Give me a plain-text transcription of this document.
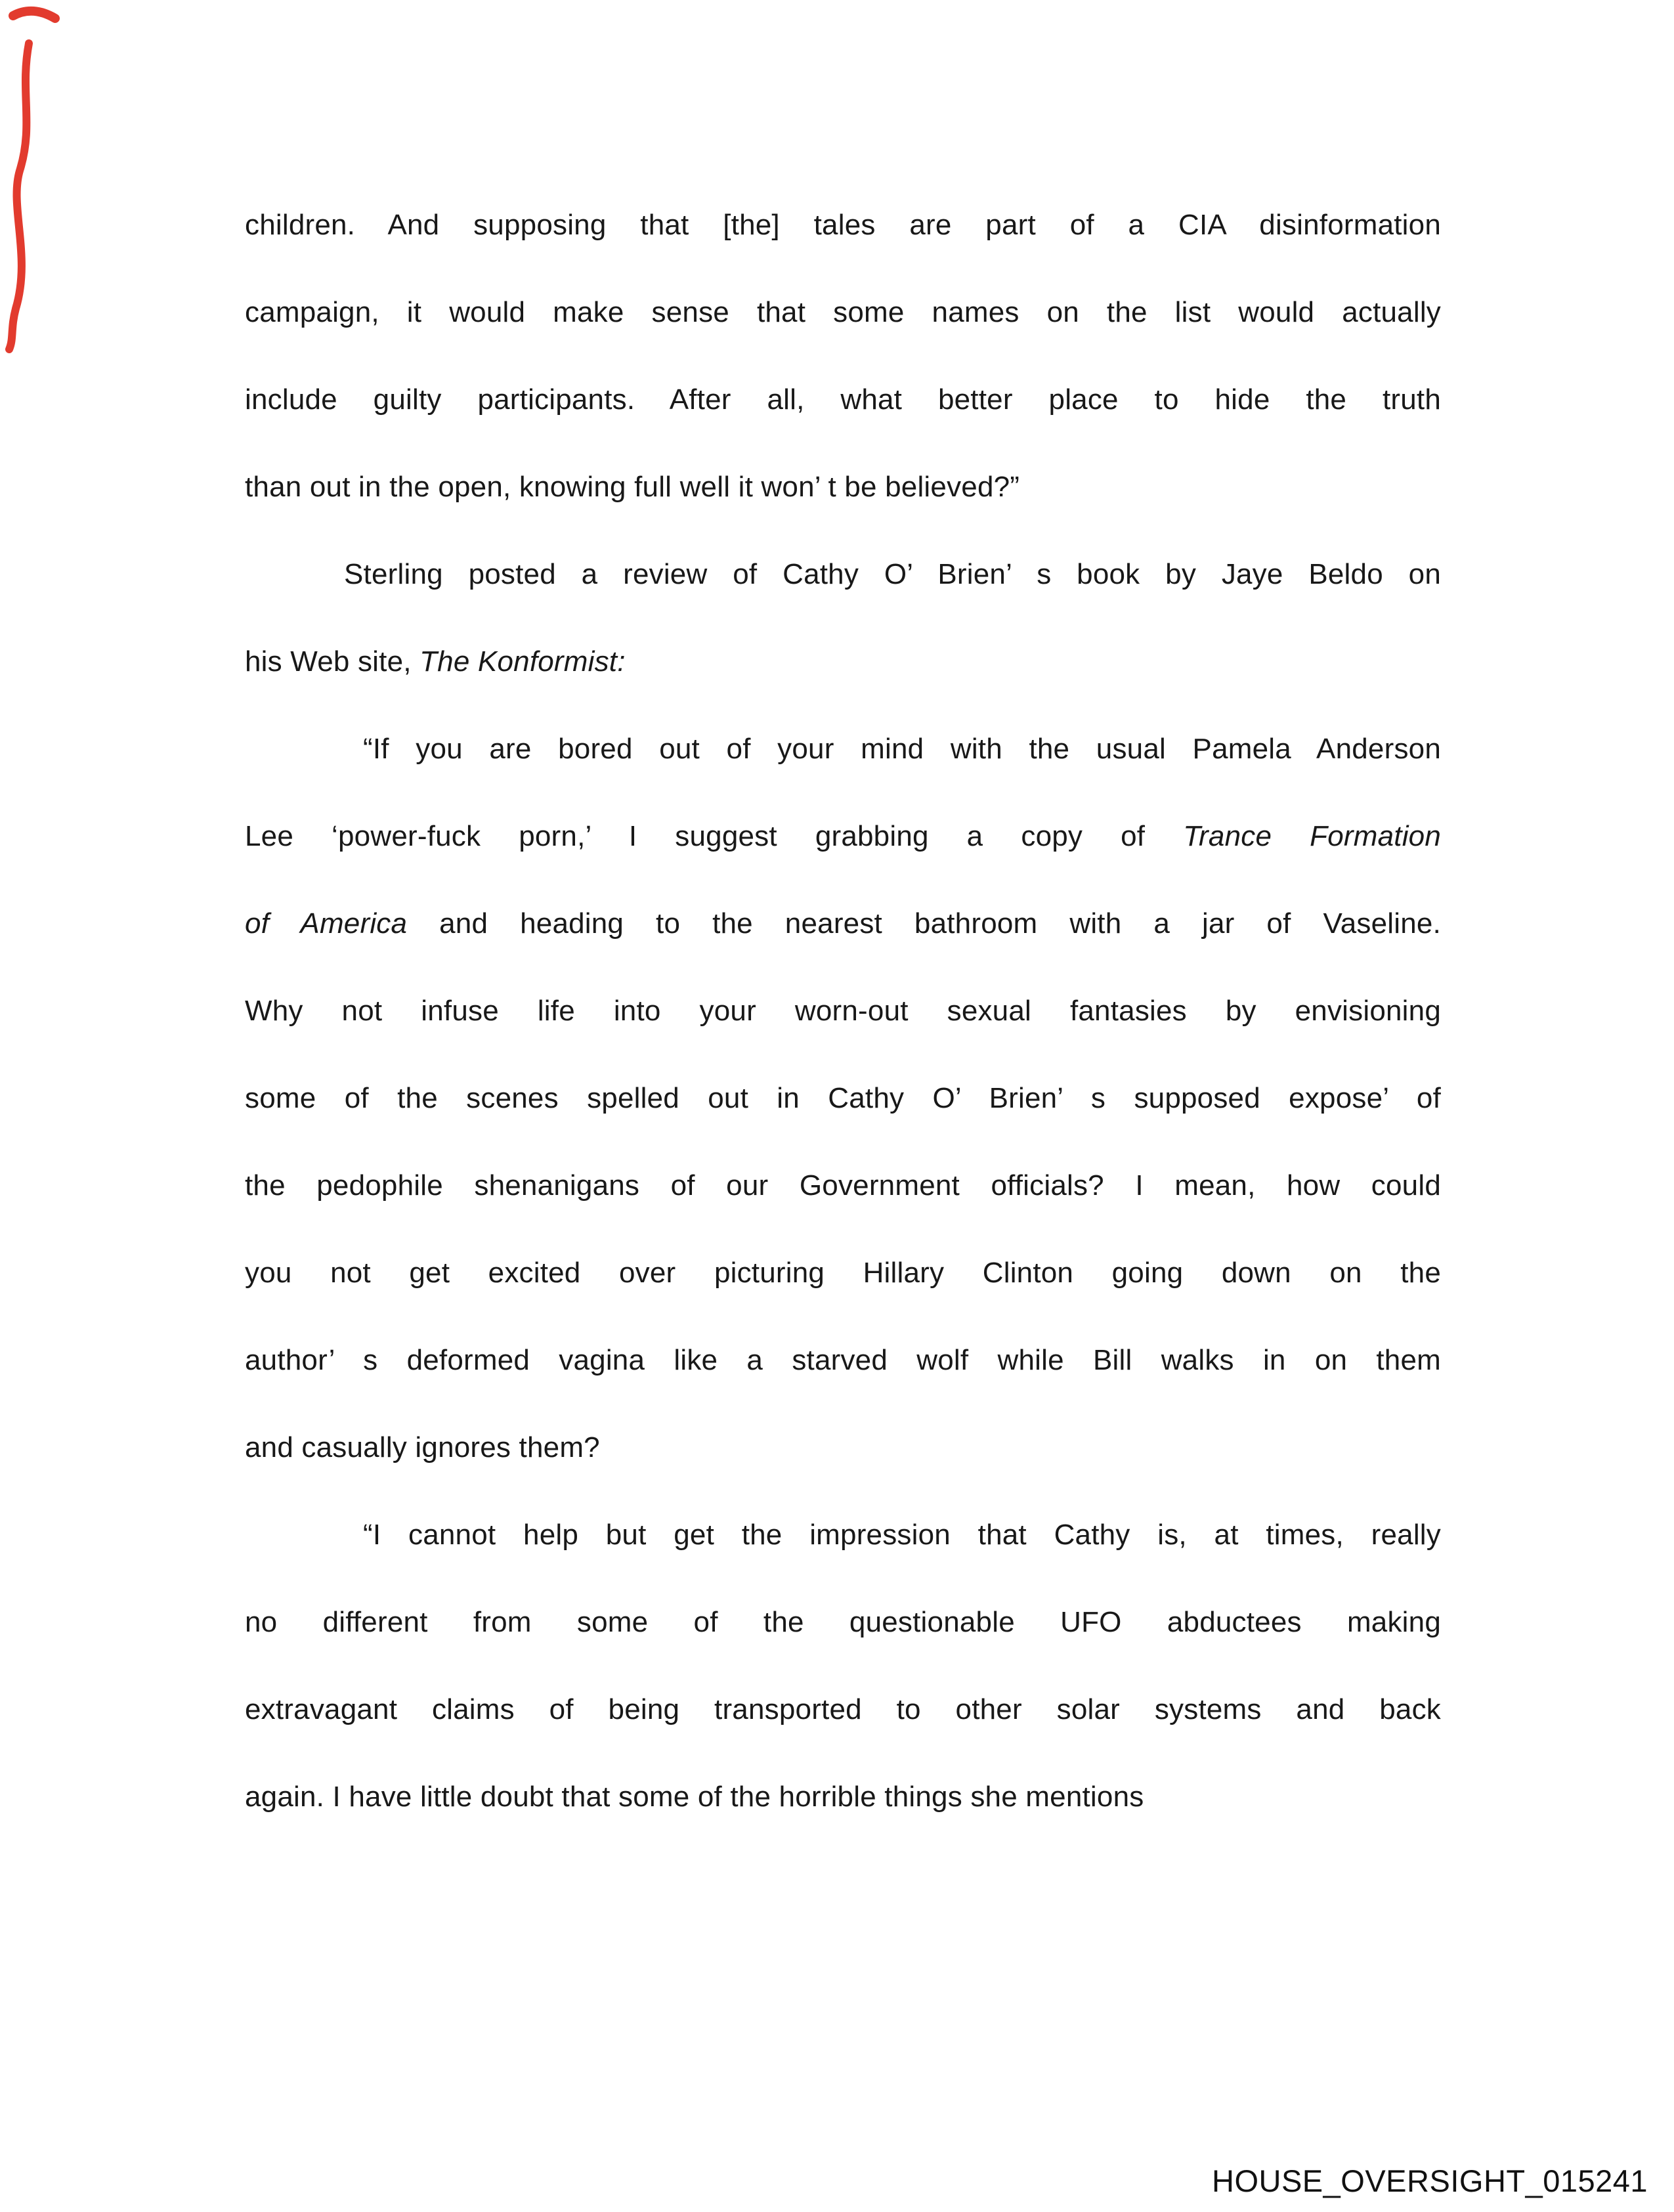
children. And supposing that [the] tales are part of a CIA disinformation
campaign, it would make sense that some names on the list would actually
include guilty participants. After all, what better place to hide the truth
than out in the open, knowing full well it won’ t be believed?”
Sterling posted a review of Cathy O’ Brien’ s book by Jaye Beldo on
his Web site, The Konformist:
“If you are bored out of your mind with the usual Pamela Anderson
Lee ‘power-fuck porn,’ I suggest grabbing a copy of Trance Formation
of America and heading to the nearest bathroom with a jar of Vaseline.
Why not infuse life into your worn-out sexual fantasies by envisioning
some of the scenes spelled out in Cathy O’ Brien’ s supposed expose’ of
the pedophile shenanigans of our Government officials? I mean, how could
you not get excited over picturing Hillary Clinton going down on the
author’ s deformed vagina like a starved wolf while Bill walks in on them
and casually ignores them?
“I cannot help but get the impression that Cathy is, at times, really
no different from some of the questionable UFO abductees making
extravagant claims of being transported to other solar systems and back
again. I have little doubt that some of the horrible things she mentions
HOUSE_OVERSIGHT_015241
